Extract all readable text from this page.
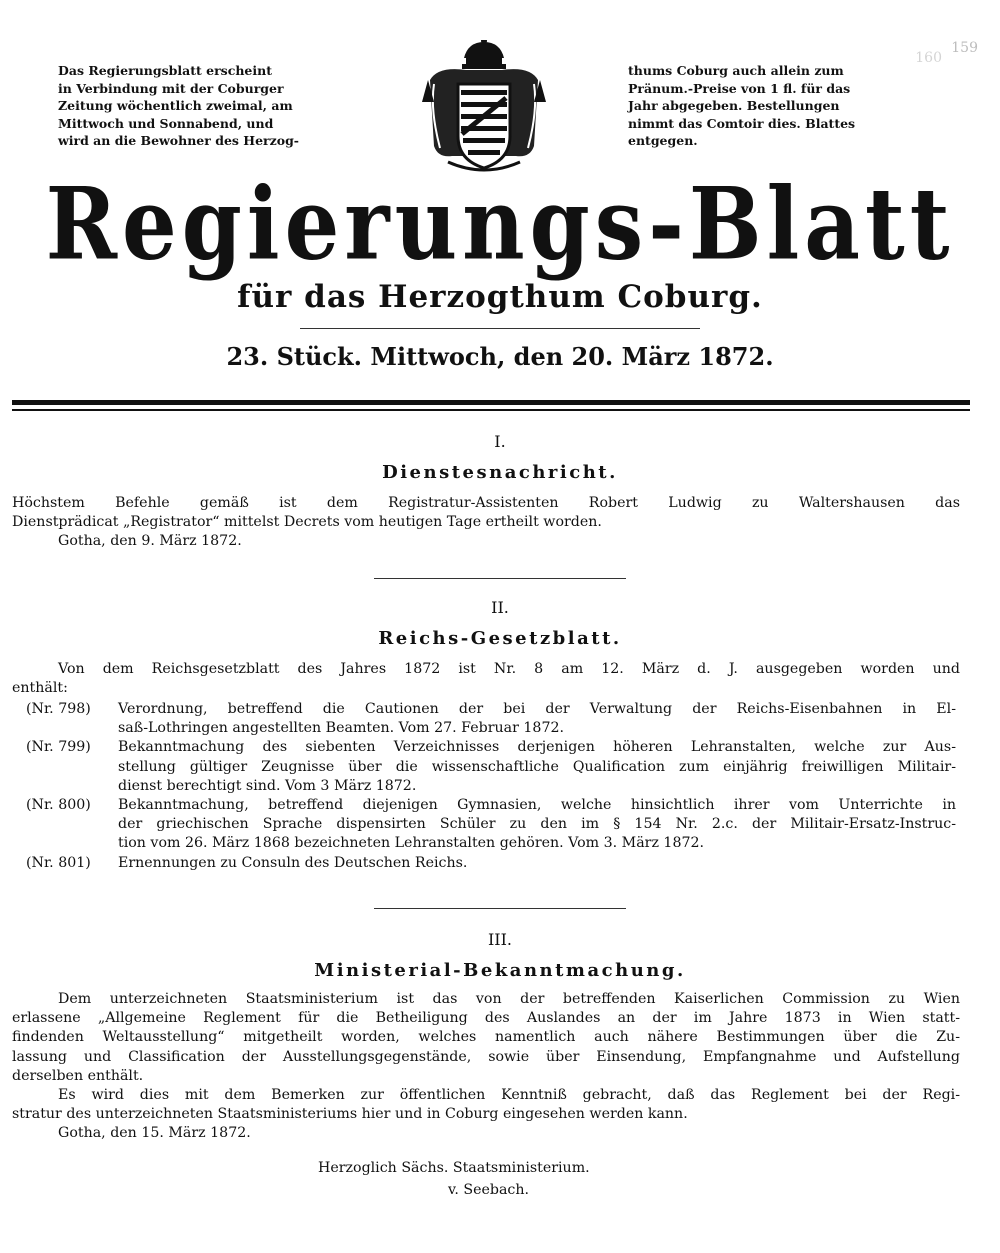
159
160
Das Regierungsblatt erscheint
in Verbindung mit der Coburger
Zeitung wöchentlich zweimal, am
Mittwoch und Sonnabend, und
wird an die Bewohner des Herzog-
thums Coburg auch allein zum
Pränum.-Preise von 1 fl. für das
Jahr abgegeben. Bestellungen
nimmt das Comtoir dies. Blattes
entgegen.
Regierungs-Blatt
für das Herzogthum Coburg.
23. Stück. Mittwoch, den 20. März 1872.
I.
Dienstesnachricht.
Höchstem Befehle gemäß ist dem Registratur-Assistenten Robert Ludwig zu Waltershausen das
Dienstprädicat „Registrator“ mittelst Decrets vom heutigen Tage ertheilt worden.
Gotha, den 9. März 1872.
II.
Reichs-Gesetzblatt.
Von dem Reichsgesetzblatt des Jahres 1872 ist Nr. 8 am 12. März d. J. ausgegeben worden und
enthält:
(Nr. 798) Verordnung, betreffend die Cautionen der bei der Verwaltung der Reichs-Eisenbahnen in El-
saß-Lothringen angestellten Beamten. Vom 27. Februar 1872.
(Nr. 799) Bekanntmachung des siebenten Verzeichnisses derjenigen höheren Lehranstalten, welche zur Aus-
stellung gültiger Zeugnisse über die wissenschaftliche Qualification zum einjährig freiwilligen Militair-
dienst berechtigt sind. Vom 3 März 1872.
(Nr. 800) Bekanntmachung, betreffend diejenigen Gymnasien, welche hinsichtlich ihrer vom Unterrichte in
der griechischen Sprache dispensirten Schüler zu den im § 154 Nr. 2.c. der Militair-Ersatz-Instruc-
tion vom 26. März 1868 bezeichneten Lehranstalten gehören. Vom 3. März 1872.
(Nr. 801) Ernennungen zu Consuln des Deutschen Reichs.
III.
Ministerial-Bekanntmachung.
Dem unterzeichneten Staatsministerium ist das von der betreffenden Kaiserlichen Commission zu Wien
erlassene „Allgemeine Reglement für die Betheiligung des Auslandes an der im Jahre 1873 in Wien statt-
findenden Weltausstellung“ mitgetheilt worden, welches namentlich auch nähere Bestimmungen über die Zu-
lassung und Classification der Ausstellungsgegenstände, sowie über Einsendung, Empfangnahme und Aufstellung
derselben enthält.
Es wird dies mit dem Bemerken zur öffentlichen Kenntniß gebracht, daß das Reglement bei der Regi-
stratur des unterzeichneten Staatsministeriums hier und in Coburg eingesehen werden kann.
Gotha, den 15. März 1872.
Herzoglich Sächs. Staatsministerium.
v. Seebach.
